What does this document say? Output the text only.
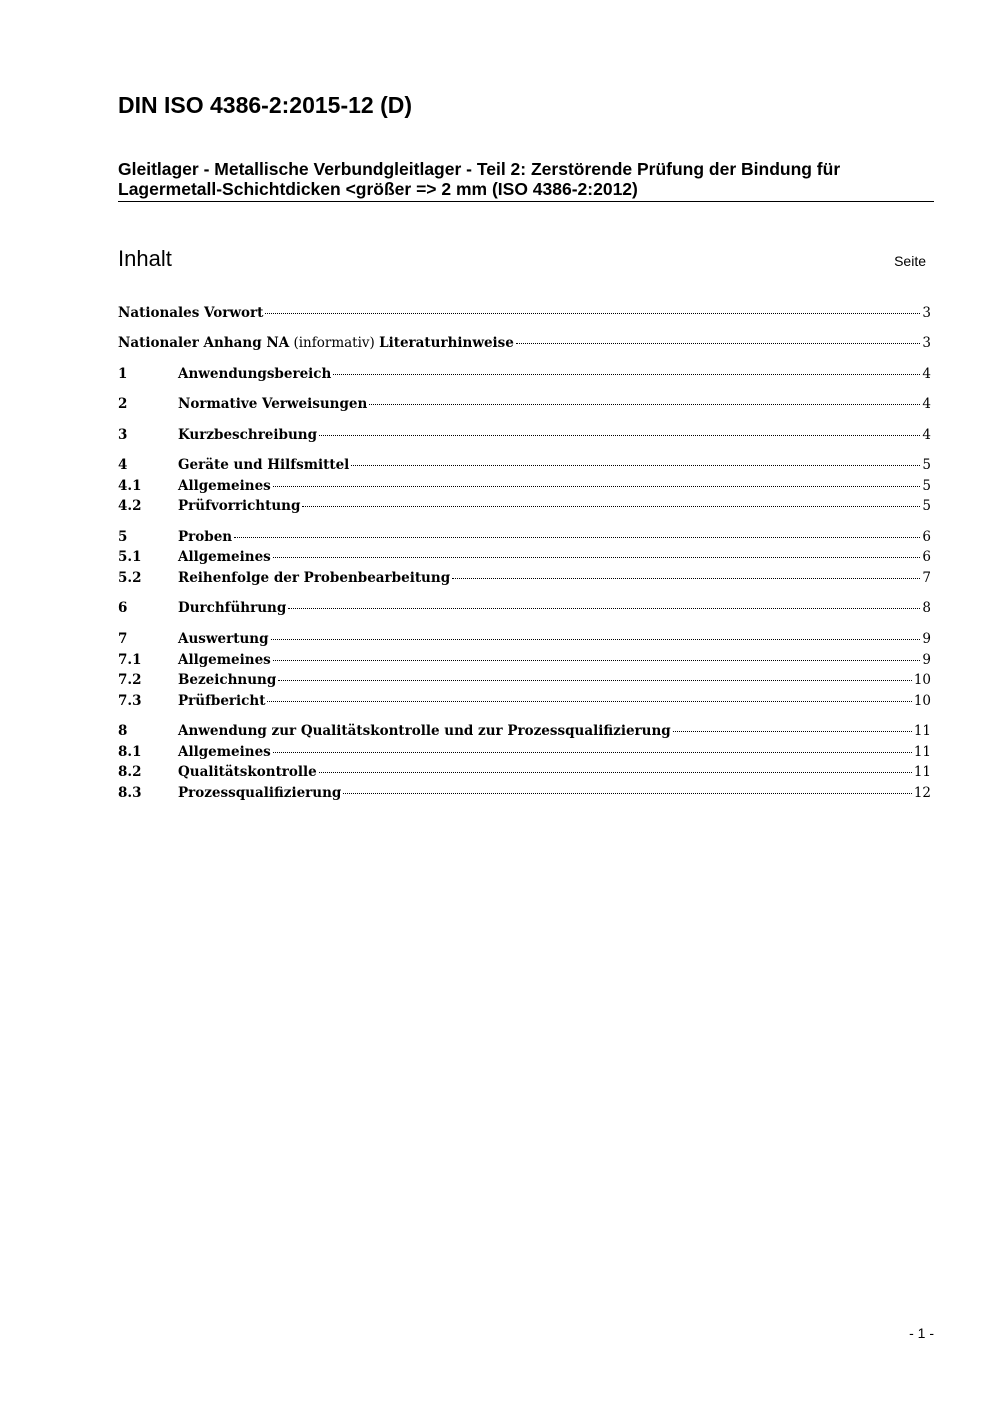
DIN ISO 4386-2:2015-12 (D)
Gleitlager - Metallische Verbundgleitlager - Teil 2: Zerstörende Prüfung der Bindung für Lagermetall-Schichtdicken <größer => 2 mm (ISO 4386-2:2012)
Inhalt	Seite
Nationales Vorwort	3
Nationaler Anhang NA (informativ) Literaturhinweise	3
1	Anwendungsbereich	4
2	Normative Verweisungen	4
3	Kurzbeschreibung	4
4	Geräte und Hilfsmittel	5
4.1	Allgemeines	5
4.2	Prüfvorrichtung	5
5	Proben	6
5.1	Allgemeines	6
5.2	Reihenfolge der Probenbearbeitung	7
6	Durchführung	8
7	Auswertung	9
7.1	Allgemeines	9
7.2	Bezeichnung	10
7.3	Prüfbericht	10
8	Anwendung zur Qualitätskontrolle und zur Prozessqualifizierung	11
8.1	Allgemeines	11
8.2	Qualitätskontrolle	11
8.3	Prozessqualifizierung	12
- 1 -
